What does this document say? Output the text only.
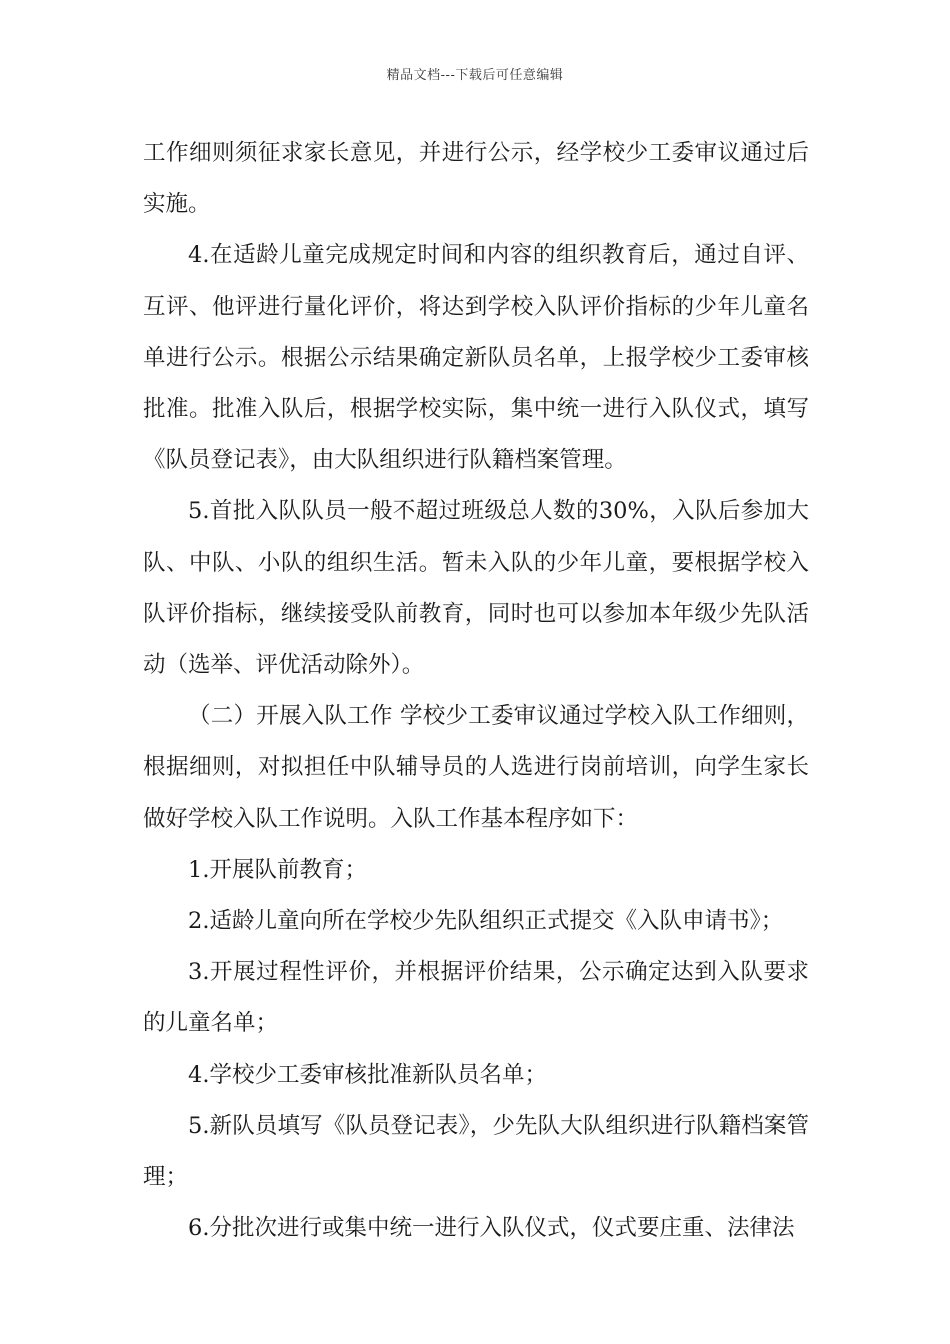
精品文档---下载后可任意编辑

工作细则须征求家长意见，并进行公示，经学校少工委审议通过后实施。

4.在适龄儿童完成规定时间和内容的组织教育后，通过自评、互评、他评进行量化评价，将达到学校入队评价指标的少年儿童名单进行公示。根据公示结果确定新队员名单，上报学校少工委审核批准。批准入队后，根据学校实际，集中统一进行入队仪式，填写《队员登记表》，由大队组织进行队籍档案管理。

5.首批入队队员一般不超过班级总人数的30%，入队后参加大队、中队、小队的组织生活。暂未入队的少年儿童，要根据学校入队评价指标，继续接受队前教育，同时也可以参加本年级少先队活动（选举、评优活动除外）。

（二）开展入队工作 学校少工委审议通过学校入队工作细则，根据细则，对拟担任中队辅导员的人选进行岗前培训，向学生家长做好学校入队工作说明。入队工作基本程序如下：

1.开展队前教育；

2.适龄儿童向所在学校少先队组织正式提交《入队申请书》；

3.开展过程性评价，并根据评价结果，公示确定达到入队要求的儿童名单；

4.学校少工委审核批准新队员名单；

5.新队员填写《队员登记表》，少先队大队组织进行队籍档案管理；

6.分批次进行或集中统一进行入队仪式，仪式要庄重、法律法
